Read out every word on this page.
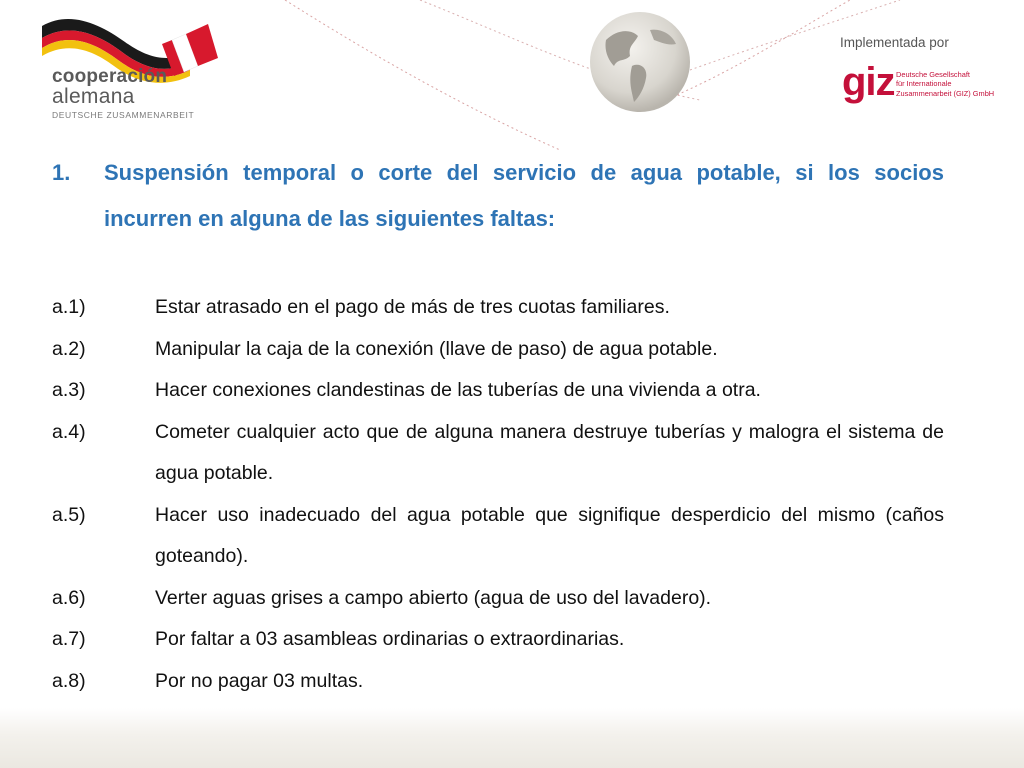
cooperación
alemana
DEUTSCHE ZUSAMMENARBEIT
Implementada por
giz Deutsche Gesellschaft
für Internationale
Zusammenarbeit (GIZ) GmbH
1. Suspensión temporal o corte del servicio de agua potable, si los socios incurren en alguna de las siguientes faltas:
a.1)	Estar atrasado en el pago de más de tres cuotas familiares.
a.2)	Manipular la caja de la conexión (llave de paso) de agua potable.
a.3)	Hacer conexiones clandestinas de las tuberías de una vivienda a otra.
a.4)	Cometer cualquier acto que de alguna manera destruye tuberías y malogra el sistema de agua potable.
a.5)	Hacer uso inadecuado del agua potable que signifique desperdicio del mismo (caños goteando).
a.6)	Verter aguas grises a campo abierto (agua de uso del lavadero).
a.7)	Por faltar a 03 asambleas ordinarias o extraordinarias.
a.8)	Por no pagar 03 multas.
